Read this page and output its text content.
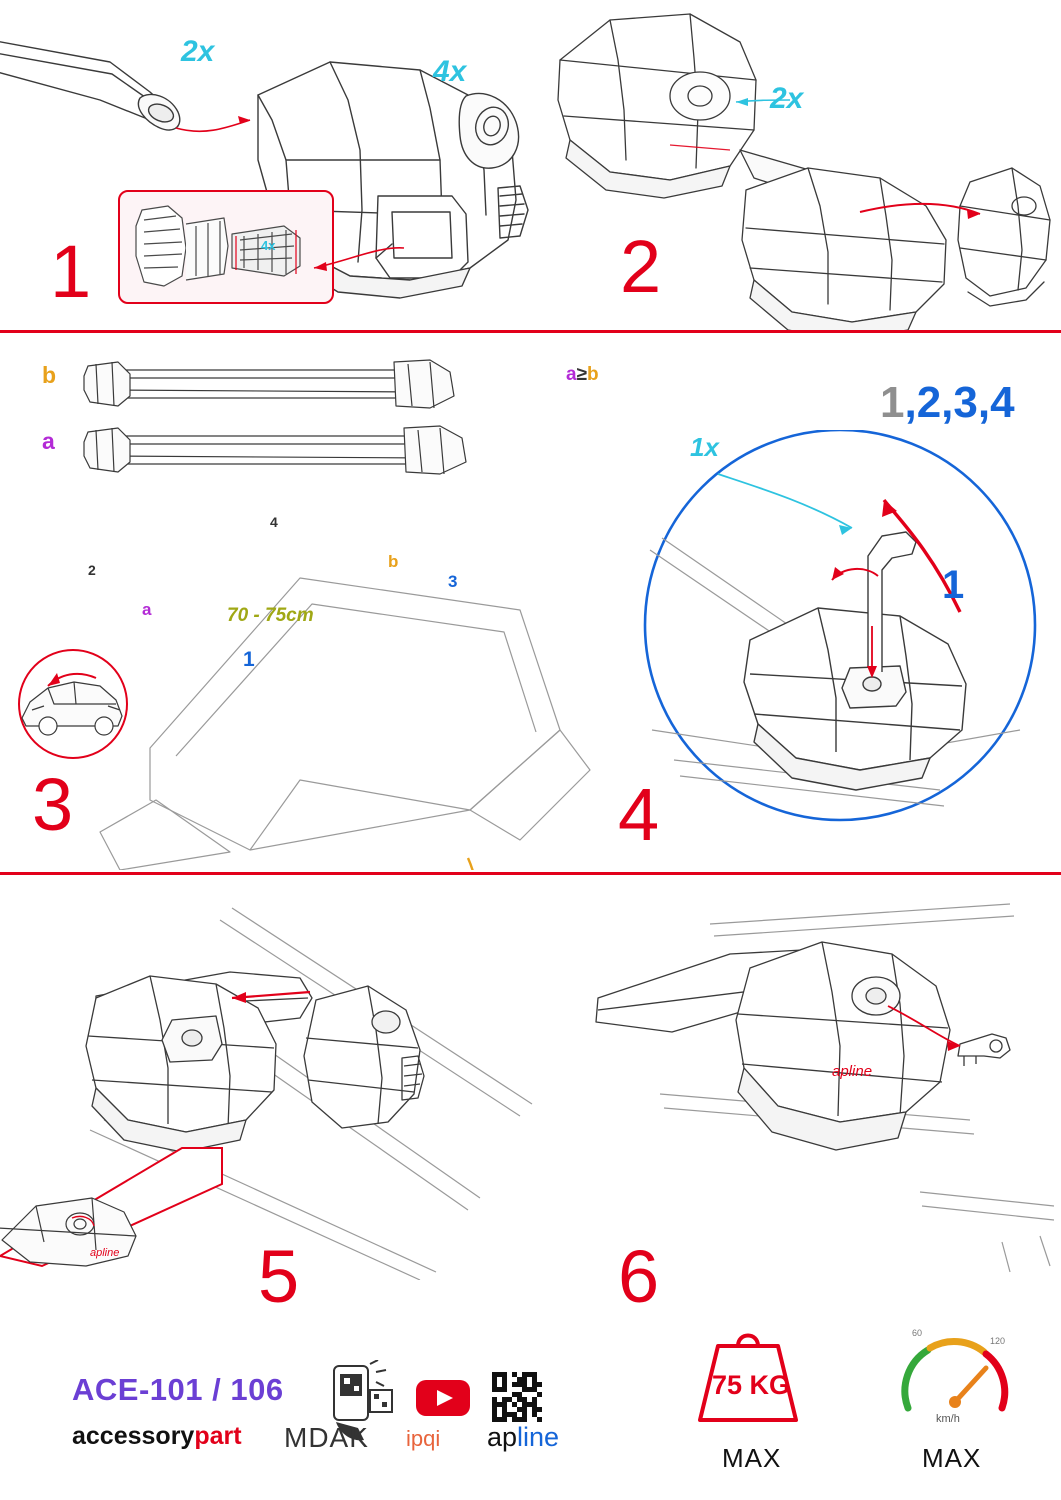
2x
4x
4x
1
2x
2
b
a
70 - 75cm
a
b
1
2
3
4
3
a≥b
1x
1,2,3,4
1
4
apline 5
apline
6
ACE-101 / 106
accessorypart MDAK ipqi apline
75 KG
MAX
60
120
km/h
MAX
